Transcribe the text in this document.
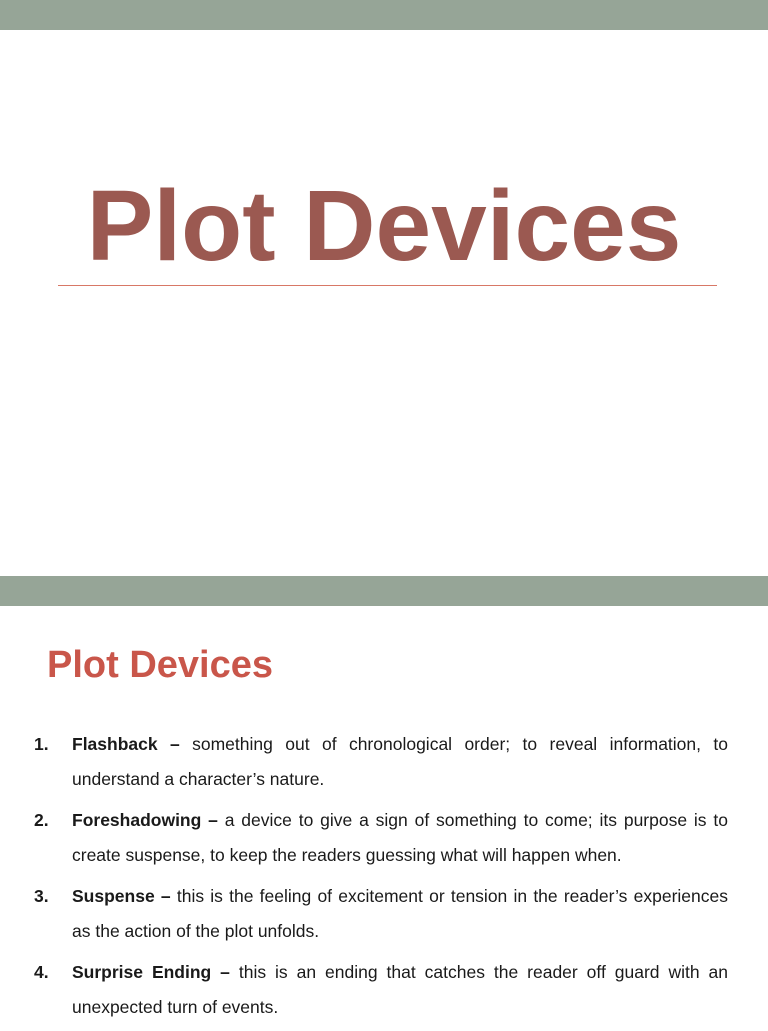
Plot Devices
Plot Devices
1. Flashback – something out of chronological order; to reveal information, to understand a character’s nature.
2. Foreshadowing – a device to give a sign of something to come; its purpose is to create suspense, to keep the readers guessing what will happen when.
3. Suspense – this is the feeling of excitement or tension in the reader’s experiences as the action of the plot unfolds.
4. Surprise Ending – this is an ending that catches the reader off guard with an unexpected turn of events.
